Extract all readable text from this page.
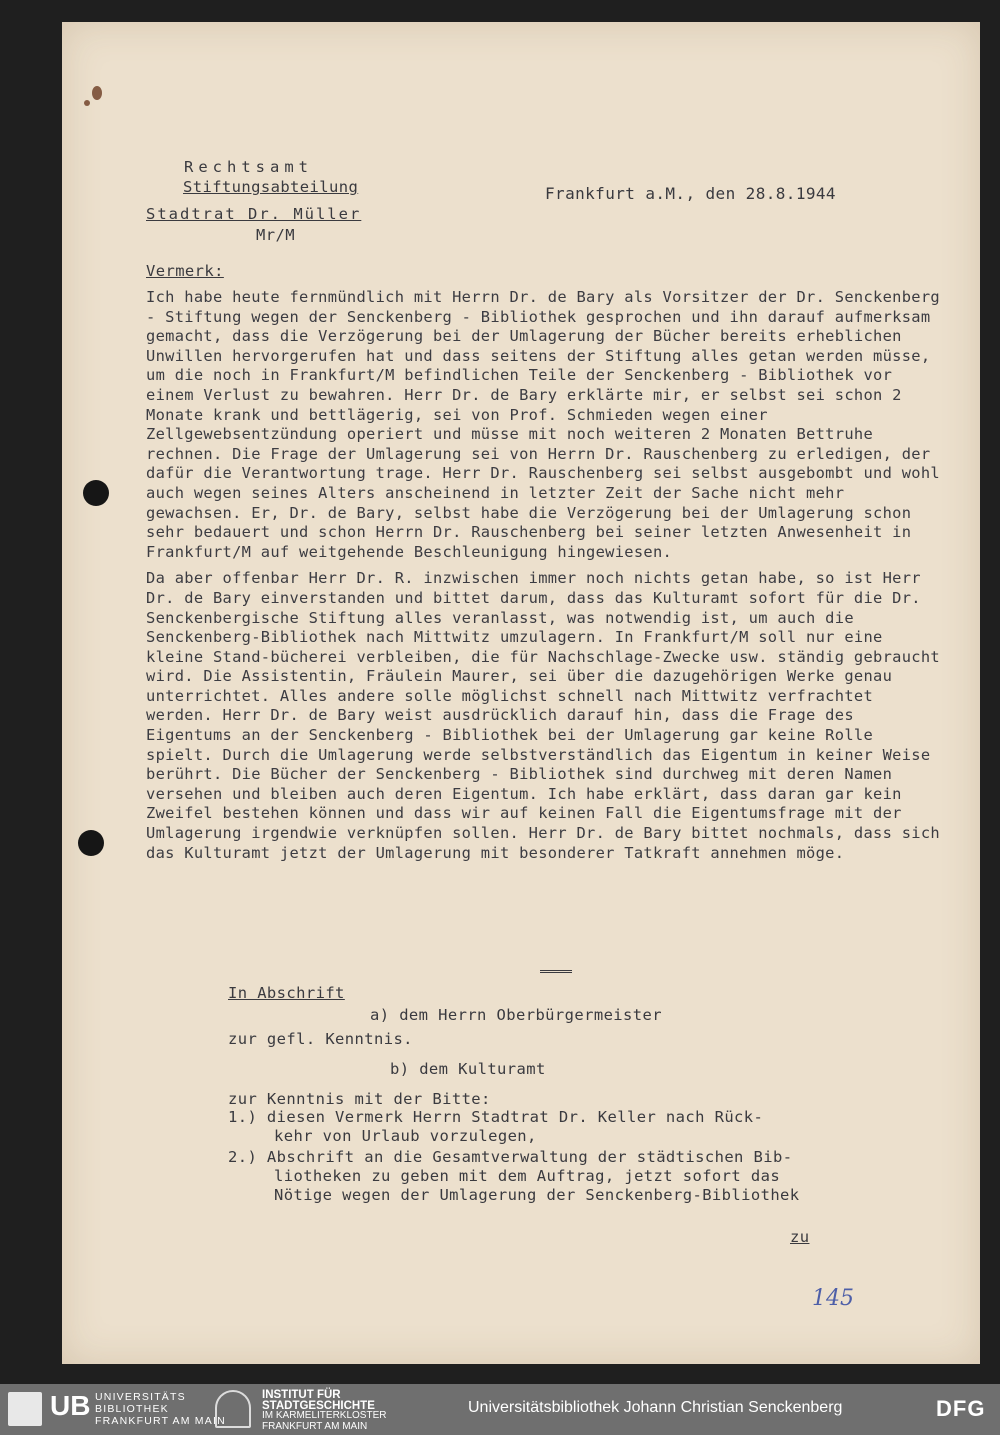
Rechtsamt
Stiftungsabteilung
Stadtrat Dr. Müller
Mr/M
Frankfurt a.M., den 28.8.1944
Vermerk:

Ich habe heute fernmündlich mit Herrn Dr. de Bary als Vorsitzer der Dr. Senckenberg - Stiftung wegen der Senckenberg - Bibliothek gesprochen und ihn darauf aufmerksam gemacht, dass die Verzögerung bei der Umlagerung der Bücher bereits erheblichen Unwillen hervorgerufen hat und dass seitens der Stiftung alles getan werden müsse, um die noch in Frankfurt/M befindlichen Teile der Senckenberg - Bibliothek vor einem Verlust zu bewahren. Herr Dr. de Bary erklärte mir, er selbst sei schon 2 Monate krank und bettlägerig, sei von Prof. Schmieden wegen einer Zellgewebsentzündung operiert und müsse mit noch weiteren 2 Monaten Bettruhe rechnen. Die Frage der Umlagerung sei von Herrn Dr. Rauschenberg zu erledigen, der dafür die Verantwortung trage. Herr Dr. Rauschenberg sei selbst ausgebombt und wohl auch wegen seines Alters anscheinend in letzter Zeit der Sache nicht mehr gewachsen. Er, Dr. de Bary, selbst habe die Verzögerung bei der Umlagerung schon sehr bedauert und schon Herrn Dr. Rauschenberg bei seiner letzten Anwesenheit in Frankfurt/M auf weitgehende Beschleunigung hingewiesen.

Da aber offenbar Herr Dr. R. inzwischen immer noch nichts getan habe, so ist Herr Dr. de Bary einverstanden und bittet darum, dass das Kulturamt sofort für die Dr. Senckenbergische Stiftung alles veranlasst, was notwendig ist, um auch die Senckenberg-Bibliothek nach Mittwitz umzulagern. In Frankfurt/M soll nur eine kleine Stand-bücherei verbleiben, die für Nachschlage-Zwecke usw. ständig gebraucht wird. Die Assistentin, Fräulein Maurer, sei über die dazugehörigen Werke genau unterrichtet. Alles andere solle möglichst schnell nach Mittwitz verfrachtet werden. Herr Dr. de Bary weist ausdrücklich darauf hin, dass die Frage des Eigentums an der Senckenberg - Bibliothek bei der Umlagerung gar keine Rolle spielt. Durch die Umlagerung werde selbstverständlich das Eigentum in keiner Weise berührt. Die Bücher der Senckenberg - Bibliothek sind durchweg mit deren Namen versehen und bleiben auch deren Eigentum. Ich habe erklärt, dass daran gar kein Zweifel bestehen können und dass wir auf keinen Fall die Eigentumsfrage mit der Umlagerung irgendwie verknüpfen sollen. Herr Dr. de Bary bittet nochmals, dass sich das Kulturamt jetzt der Umlagerung mit besonderer Tatkraft annehmen möge.

In Abschrift
a) dem Herrn Oberbürgermeister
zur gefl. Kenntnis.
b) dem Kulturamt
zur Kenntnis mit der Bitte:
1.) diesen Vermerk Herrn Stadtrat Dr. Keller nach Rück-
kehr von Urlaub vorzulegen,
2.) Abschrift an die Gesamtverwaltung der städtischen Bib-
liotheken zu geben mit dem Auftrag, jetzt sofort das
Nötige wegen der Umlagerung der Senckenberg-Bibliothek
zu
145
UB UNIVERSITÄTS
BIBLIOTHEK
FRANKFURT AM MAIN
INSTITUT FÜR
STADTGESCHICHTE
IM KARMELITERKLOSTER
FRANKFURT AM MAIN
Universitätsbibliothek Johann Christian Senckenberg	DFG
